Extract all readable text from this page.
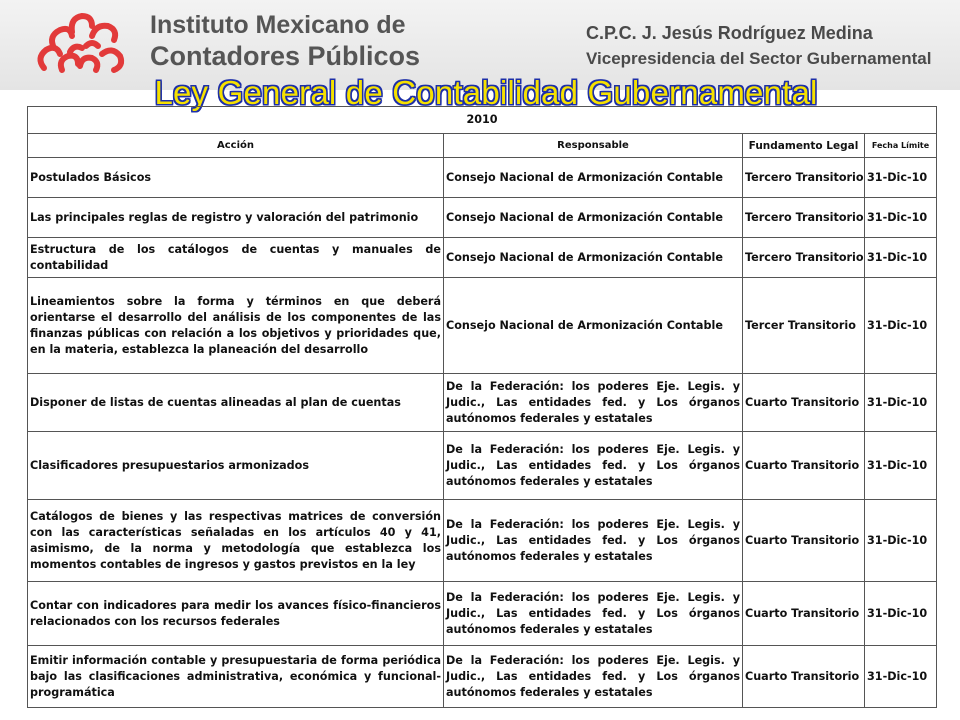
Instituto Mexicano de
Contadores Públicos
C.P.C. J. Jesús Rodríguez Medina
Vicepresidencia del Sector Gubernamental
Ley General de Contabilidad Gubernamental
2010			
Acción	Responsable	Fundamento Legal	Fecha Límite
Postulados Básicos	Consejo Nacional de Armonización Contable	Tercero Transitorio	31-Dic-10
Las principales reglas de registro y valoración del patrimonio	Consejo Nacional de Armonización Contable	Tercero Transitorio	31-Dic-10
Estructura de los catálogos de cuentas y manuales de contabilidad	Consejo Nacional de Armonización Contable	Tercero Transitorio	31-Dic-10
Lineamientos sobre la forma y términos en que deberá orientarse el desarrollo del análisis de los componentes de las finanzas públicas con relación a los objetivos y prioridades que, en la materia, establezca la planeación del desarrollo	Consejo Nacional de Armonización Contable	Tercer Transitorio	31-Dic-10
Disponer de listas de cuentas alineadas al plan de cuentas	De la Federación: los poderes Eje. Legis. y Judic., Las entidades fed. y Los órganos autónomos federales y estatales	Cuarto Transitorio	31-Dic-10
Clasificadores presupuestarios armonizados	De la Federación: los poderes Eje. Legis. y Judic., Las entidades fed. y Los órganos autónomos federales y estatales	Cuarto Transitorio	31-Dic-10
Catálogos de bienes y las respectivas matrices de conversión con las características señaladas en los artículos 40 y 41, asimismo, de la norma y metodología que establezca los momentos contables de ingresos y gastos previstos en la ley	De la Federación: los poderes Eje. Legis. y Judic., Las entidades fed. y Los órganos autónomos federales y estatales	Cuarto Transitorio	31-Dic-10
Contar con indicadores para medir los avances físico-financieros relacionados con los recursos federales	De la Federación: los poderes Eje. Legis. y Judic., Las entidades fed. y Los órganos autónomos federales y estatales	Cuarto Transitorio	31-Dic-10
Emitir información contable y presupuestaria de forma periódica bajo las clasificaciones administrativa, económica y funcional-programática	De la Federación: los poderes Eje. Legis. y Judic., Las entidades fed. y Los órganos autónomos federales y estatales	Cuarto Transitorio	31-Dic-10
